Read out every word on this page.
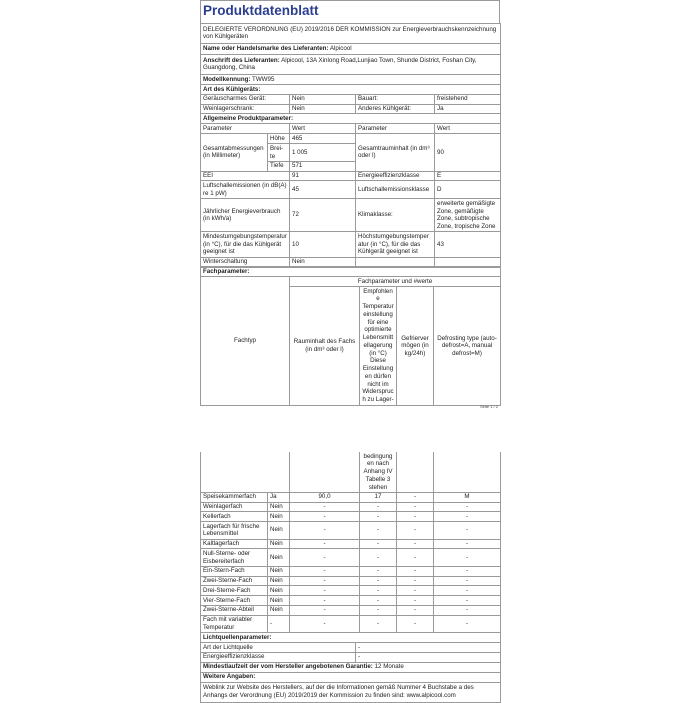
Produktdatenblatt
DELEGIERTE VERORDNUNG (EU) 2019/2016 DER KOMMISSION zur Energieverbrauchskennzeichnung von Kühlgeräten			
Name oder Handelsmarke des Lieferanten: Alpicool			
Anschrift des Lieferanten: Alpicool, 13A Xinlong Road,Lunjiao Town, Shunde District, Foshan City, Guangdong, China			
Modellkennung: TWW95			
Art des Kühlgeräts:			
Geräuscharmes Gerät:	Nein	Bauart:	freistehend
Weinlagerschrank:	Nein	Anderes Kühlgerät:	Ja
Allgemeine Produktparameter:			
Parameter	Wert	Parameter	Wert
Gesamtabmessungen (in Millimeter)	Höhe	465	Gesamtrauminhalt (in dm³ oder l)	90
	Brei-te	1 005		
	Tiefe	571		
EEI		91	Energieeffizienzklasse	E
Luftschallemissionen (in dB(A) re 1 pW)		45	Luftschallemissionsklasse	D
Jährlicher Energieverbrauch (in kWh/a)		72	Klimaklasse:	erweiterte gemäßigte Zone, gemäßigte Zone, subtropische Zone, tropische Zone
Mindestumgebungstemperatur (in °C), für die das Kühlgerät geeignet ist		10	Höchstumgebungstemperatur (in °C), für die das Kühlgerät geeignet ist	43
Winterschaltung		Nein		
Fachparameter:				
Fachtyp	Fachparameter und #werte			
	Rauminhalt des Fachs (in dm³ oder l)	Empfohlene Temperatureinstellung für eine optimierte Lebensmittellagerung (in °C) Diese Einstellungen dürfen nicht im Widerspruch zu Lager-	Gefriervermögen (in kg/24h)	Defrosting type (auto-defrost=A, manual defrost=M)
Seite 1 / 2
			bedingungen nach Anhang IV Tabelle 3 stehen		
Speisekammerfach	Ja	90,0	17	-	M
Weinlagerfach	Nein	-	-	-	-
Kellerfach	Nein	-	-	-	-
Lagerfach für frische Lebensmittel	Nein	-	-	-	-
Kaltlagerfach	Nein	-	-	-	-
Null-Sterne- oder Eisbereiterfach	Nein	-	-	-	-
Ein-Stern-Fach	Nein	-	-	-	-
Zwei-Sterne-Fach	Nein	-	-	-	-
Drei-Sterne-Fach	Nein	-	-	-	-
Vier-Sterne-Fach	Nein	-	-	-	-
Zwei-Sterne-Abteil	Nein	-	-	-	-
Fach mit variabler Temperatur	-	-	-	-	-
Lichtquellenparameter:	
Art der Lichtquelle	-
Energieeffizienzklasse	-
Mindestlaufzeit der vom Hersteller angebotenen Garantie: 12 Monate	
Weitere Angaben:	
Weblink zur Website des Herstellers, auf der die Informationen gemäß Nummer 4 Buchstabe a des Anhangs der Verordnung (EU) 2019/2019 der Kommission zu finden sind: www.alpicool.com	
